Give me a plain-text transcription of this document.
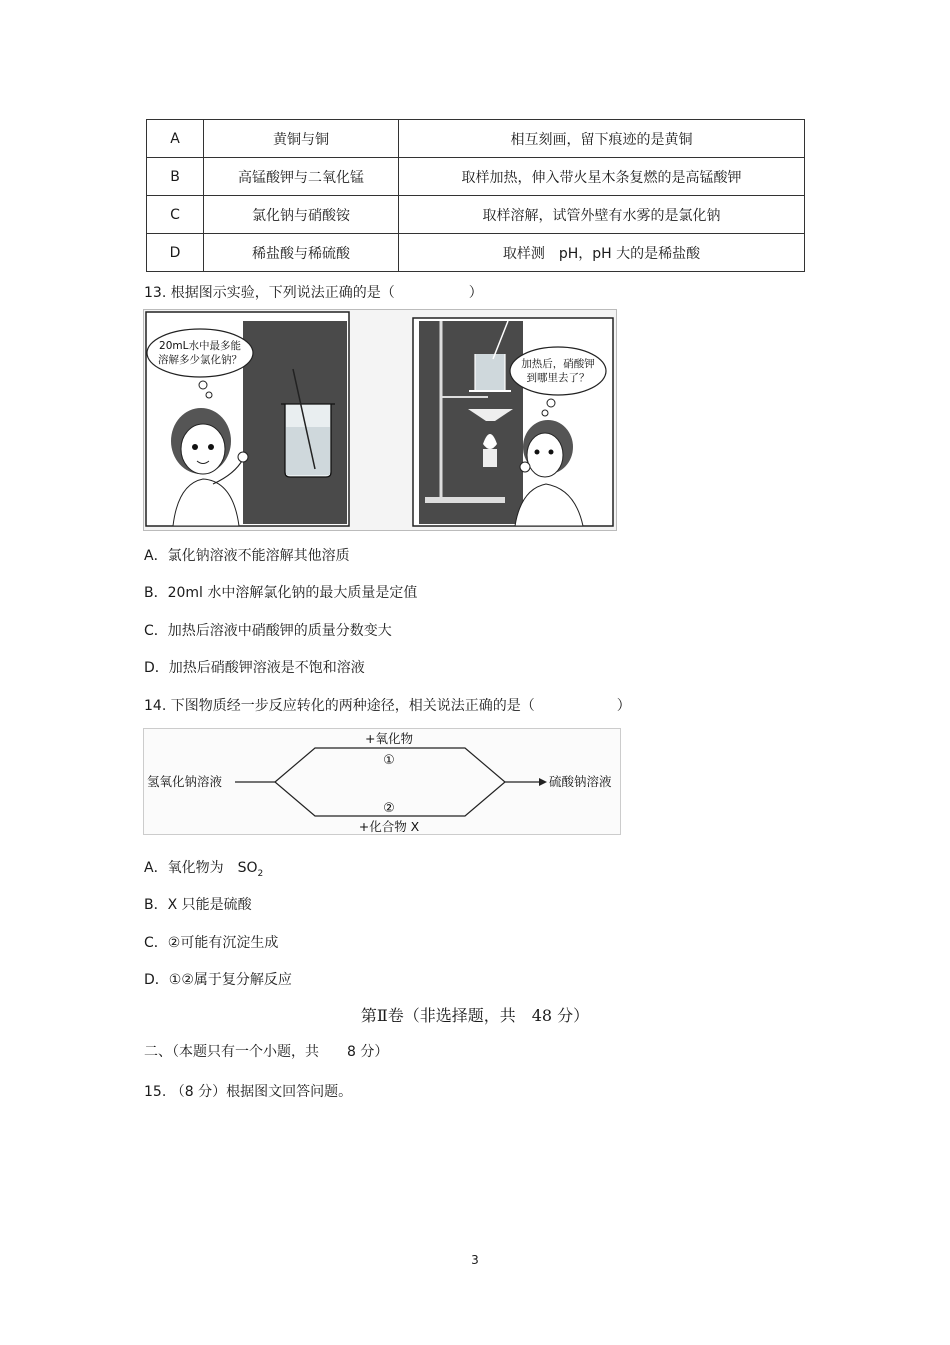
A	黄铜与铜	相互刻画，留下痕迹的是黄铜
B	高锰酸钾与二氧化锰	取样加热，伸入带火星木条复燃的是高锰酸钾
C	氯化钠与硝酸铵	取样溶解，试管外壁有水雾的是氯化钠
D	稀盐酸与稀硫酸	取样测　pH，pH 大的是稀盐酸
13. 根据图示实验，下列说法正确的是（	）
20mL水中最多能
溶解多少氯化钠？	加热后，硝酸钾
到哪里去了？
A．氯化钠溶液不能溶解其他溶质
B．20ml 水中溶解氯化钠的最大质量是定值
C．加热后溶液中硝酸钾的质量分数变大
D．加热后硝酸钾溶液是不饱和溶液
14. 下图物质经一步反应转化的两种途径，相关说法正确的是（	）
氢氧化钠溶液	硫酸钠溶液
+氧化物
①
②
+化合物 X
A．氧化物为　$SO_2$
B．X 只能是硫酸
C．②可能有沉淀生成
D．①②属于复分解反应
第Ⅱ卷（非选择题，共　48 分）
二、（本题只有一个小题，共　　8 分）
15. （8 分）根据图文回答问题。
3
